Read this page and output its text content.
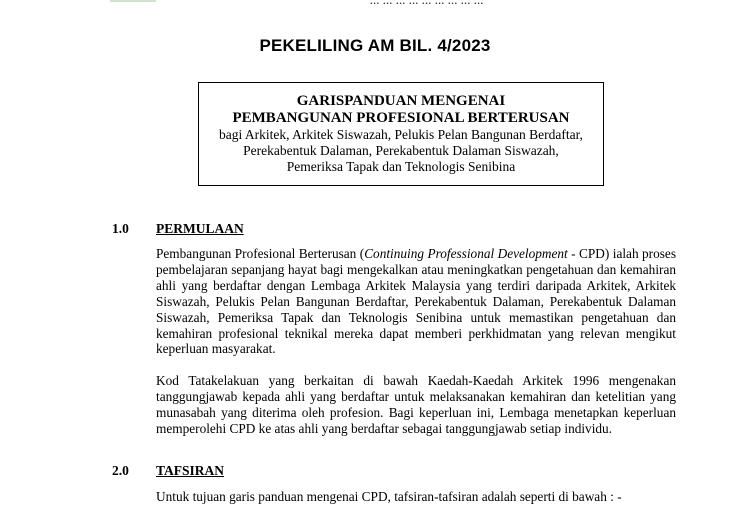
PEKELILING AM BIL. 4/2023
GARISPANDUAN MENGENAI
PEMBANGUNAN PROFESIONAL BERTERUSAN
bagi Arkitek, Arkitek Siswazah, Pelukis Pelan Bangunan Berdaftar,
Perekabentuk Dalaman, Perekabentuk Dalaman Siswazah,
Pemeriksa Tapak dan Teknologis Senibina
1.0 PERMULAAN
Pembangunan Profesional Berterusan (Continuing Professional Development - CPD) ialah proses pembelajaran sepanjang hayat bagi mengekalkan atau meningkatkan pengetahuan dan kemahiran ahli yang berdaftar dengan Lembaga Arkitek Malaysia yang terdiri daripada Arkitek, Arkitek Siswazah, Pelukis Pelan Bangunan Berdaftar, Perekabentuk Dalaman, Perekabentuk Dalaman Siswazah, Pemeriksa Tapak dan Teknologis Senibina untuk memastikan pengetahuan dan kemahiran profesional teknikal mereka dapat memberi perkhidmatan yang relevan mengikut keperluan masyarakat.
Kod Tatakelakuan yang berkaitan di bawah Kaedah-Kaedah Arkitek 1996 mengenakan tanggungjawab kepada ahli yang berdaftar untuk melaksanakan kemahiran dan ketelitian yang munasabah yang diterima oleh profesion. Bagi keperluan ini, Lembaga menetapkan keperluan memperolehi CPD ke atas ahli yang berdaftar sebagai tanggungjawab setiap individu.
2.0 TAFSIRAN
Untuk tujuan garis panduan mengenai CPD, tafsiran-tafsiran adalah seperti di bawah : -
